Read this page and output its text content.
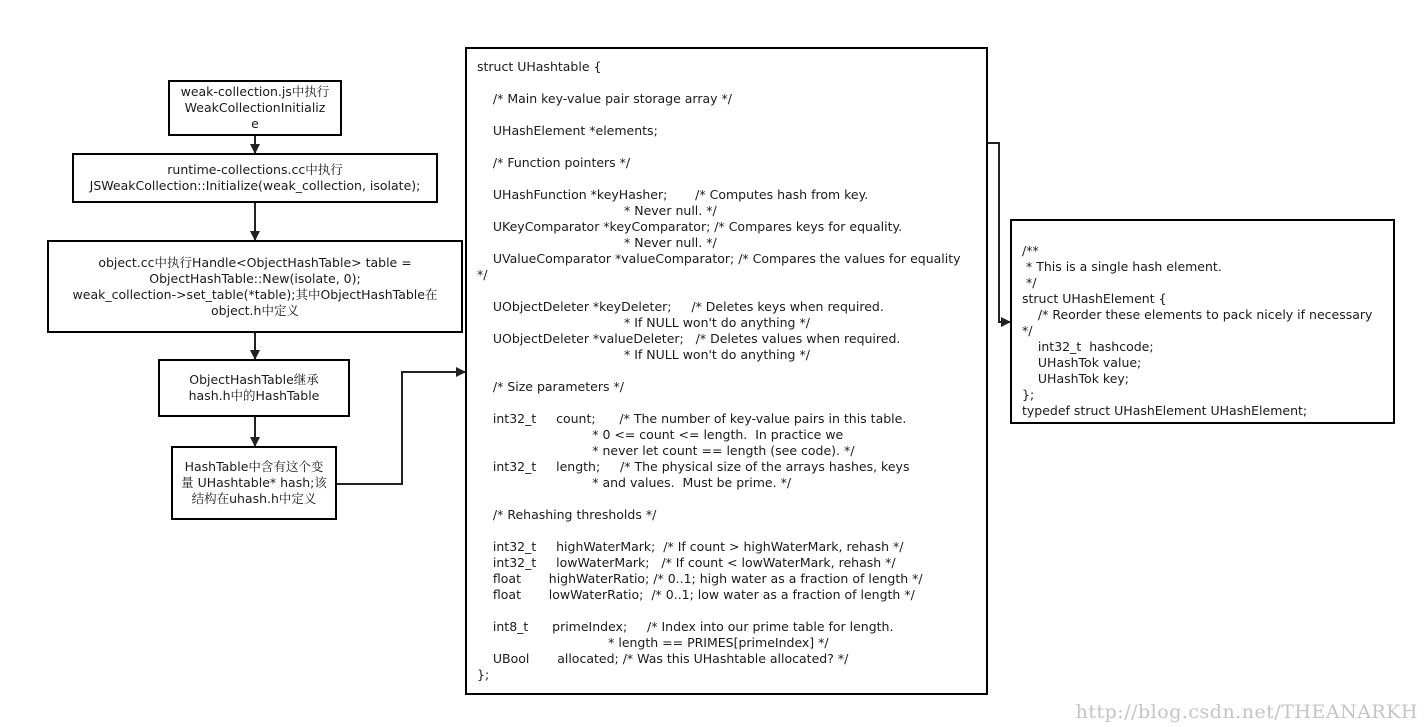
weak-collection.js中执行
WeakCollectionInitializ
e
runtime-collections.cc中执行
JSWeakCollection::Initialize(weak_collection, isolate);
object.cc中执行Handle<ObjectHashTable> table =
ObjectHashTable::New(isolate, 0);
weak_collection->set_table(*table);其中ObjectHashTable在
object.h中定义
ObjectHashTable继承
hash.h中的HashTable
HashTable中含有这个变
量 UHashtable* hash;该
结构在uhash.h中定义
struct UHashtable {
/* Main key-value pair storage array */
UHashElement *elements;
/* Function pointers */
UHashFunction *keyHasher;       /* Computes hash from key.
* Never null. */
UKeyComparator *keyComparator; /* Compares keys for equality.
* Never null. */
UValueComparator *valueComparator; /* Compares the values for equality
*/
UObjectDeleter *keyDeleter;     /* Deletes keys when required.
* If NULL won't do anything */
UObjectDeleter *valueDeleter;   /* Deletes values when required.
* If NULL won't do anything */
/* Size parameters */
int32_t     count;      /* The number of key-value pairs in this table.
* 0 <= count <= length.  In practice we
* never let count == length (see code). */
int32_t     length;     /* The physical size of the arrays hashes, keys
* and values.  Must be prime. */
/* Rehashing thresholds */
int32_t     highWaterMark;  /* If count > highWaterMark, rehash */
int32_t     lowWaterMark;   /* If count < lowWaterMark, rehash */
float       highWaterRatio; /* 0..1; high water as a fraction of length */
float       lowWaterRatio;  /* 0..1; low water as a fraction of length */
int8_t      primeIndex;     /* Index into our prime table for length.
* length == PRIMES[primeIndex] */
UBool       allocated; /* Was this UHashtable allocated? */
};
/**
* This is a single hash element.
*/
struct UHashElement {
/* Reorder these elements to pack nicely if necessary
*/
int32_t  hashcode;
UHashTok value;
UHashTok key;
};
typedef struct UHashElement UHashElement;
http://blog.csdn.net/THEANARKH
